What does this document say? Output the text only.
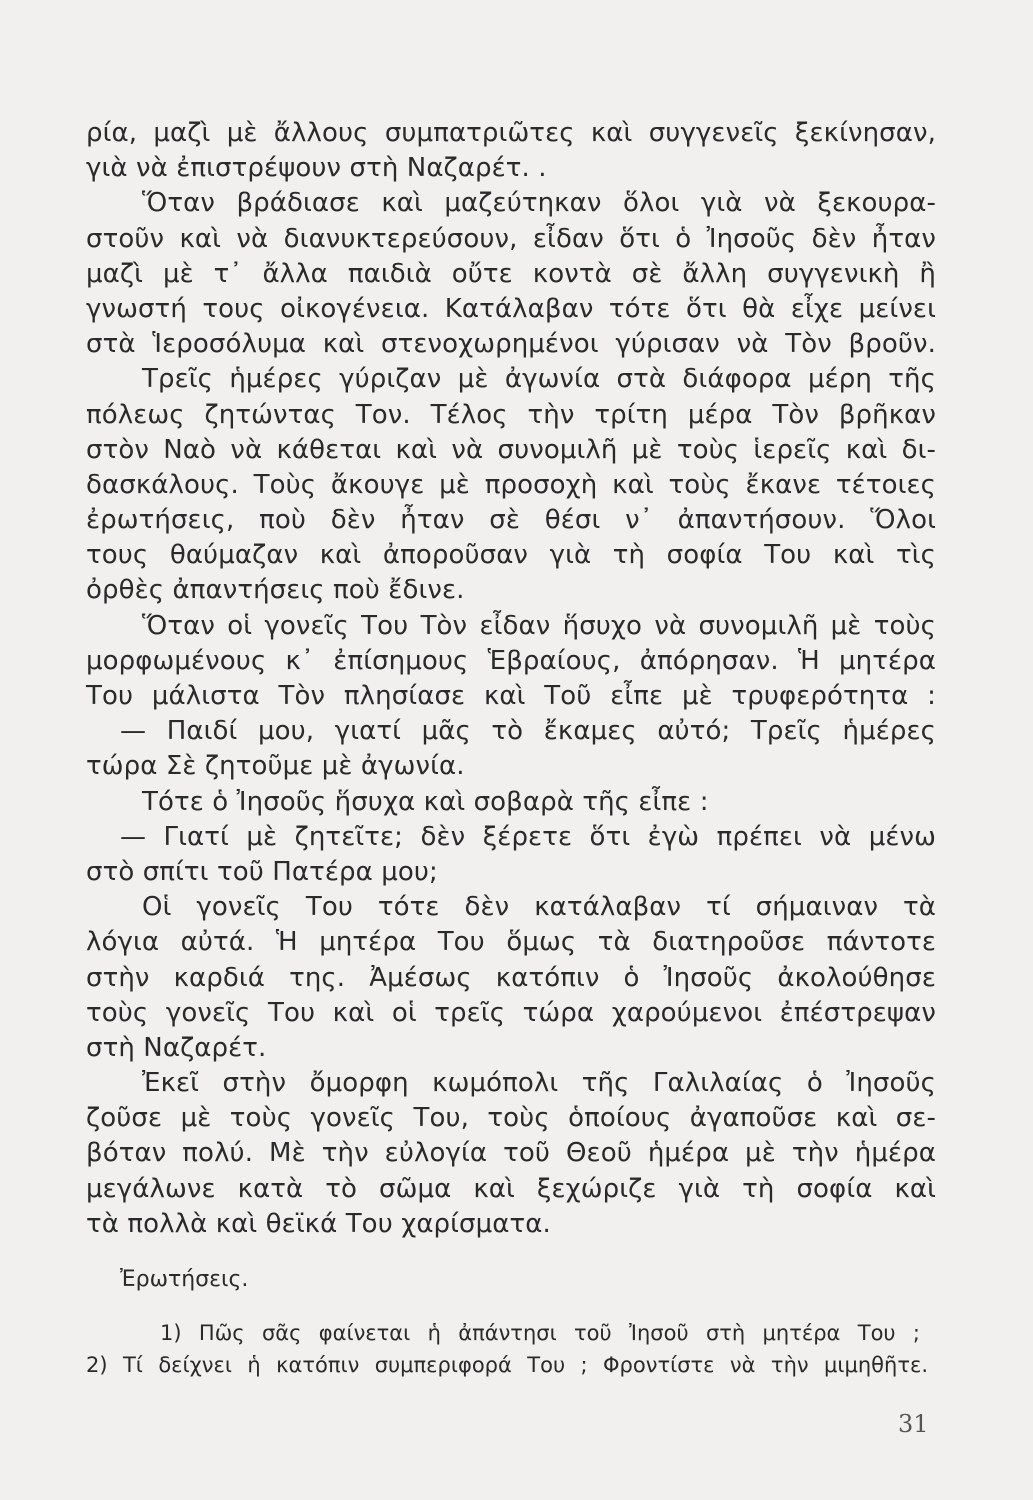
ρία, μαζὶ μὲ ἄλλους συμπατριῶτες καὶ συγγενεῖς ξεκίνησαν,
γιὰ νὰ ἐπιστρέψουν στὴ Ναζαρέτ. .
Ὅταν βράδιασε καὶ μαζεύτηκαν ὅλοι γιὰ νὰ ξεκουρα-
στοῦν καὶ νὰ διανυκτερεύσουν, εἶδαν ὅτι ὁ Ἰησοῦς δὲν ἦταν
μαζὶ μὲ τ᾽ ἄλλα παιδιὰ οὔτε κοντὰ σὲ ἄλλη συγγενικὴ ἢ
γνωστή τους οἰκογένεια. Κατάλαβαν τότε ὅτι θὰ εἶχε μείνει
στὰ Ἱεροσόλυμα καὶ στενοχωρημένοι γύρισαν νὰ Τὸν βροῦν.
Τρεῖς ἡμέρες γύριζαν μὲ ἀγωνία στὰ διάφορα μέρη τῆς
πόλεως ζητώντας Τον. Τέλος τὴν τρίτη μέρα Τὸν βρῆκαν
στὸν Ναὸ νὰ κάθεται καὶ νὰ συνομιλῆ μὲ τοὺς ἱερεῖς καὶ δι-
δασκάλους. Τοὺς ἄκουγε μὲ προσοχὴ καὶ τοὺς ἔκανε τέτοιες
ἐρωτήσεις, ποὺ δὲν ἦταν σὲ θέσι ν᾽ ἀπαντήσουν. Ὅλοι
τους θαύμαζαν καὶ ἀποροῦσαν γιὰ τὴ σοφία Του καὶ τὶς
ὀρθὲς ἀπαντήσεις ποὺ ἔδινε.
Ὅταν οἱ γονεῖς Του Τὸν εἶδαν ἥσυχο νὰ συνομιλῆ μὲ τοὺς
μορφωμένους κ᾽ ἐπίσημους Ἑβραίους, ἀπόρησαν. Ἡ μητέρα
Του μάλιστα Τὸν πλησίασε καὶ Τοῦ εἶπε μὲ τρυφερότητα :
— Παιδί μου, γιατί μᾶς τὸ ἔκαμες αὐτό; Τρεῖς ἡμέρες
τώρα Σὲ ζητοῦμε μὲ ἀγωνία.
Τότε ὁ Ἰησοῦς ἥσυχα καὶ σοβαρὰ τῆς εἶπε :
— Γιατί μὲ ζητεῖτε; δὲν ξέρετε ὅτι ἐγὼ πρέπει νὰ μένω
στὸ σπίτι τοῦ Πατέρα μου;
Οἱ γονεῖς Του τότε δὲν κατάλαβαν τί σήμαιναν τὰ
λόγια αὐτά. Ἡ μητέρα Του ὅμως τὰ διατηροῦσε πάντοτε
στὴν καρδιά της. Ἀμέσως κατόπιν ὁ Ἰησοῦς ἀκολούθησε
τοὺς γονεῖς Του καὶ οἱ τρεῖς τώρα χαρούμενοι ἐπέστρεψαν
στὴ Ναζαρέτ.
Ἐκεῖ στὴν ὄμορφη κωμόπολι τῆς Γαλιλαίας ὁ Ἰησοῦς
ζοῦσε μὲ τοὺς γονεῖς Του, τοὺς ὁποίους ἀγαποῦσε καὶ σε-
βόταν πολύ. Μὲ τὴν εὐλογία τοῦ Θεοῦ ἡμέρα μὲ τὴν ἡμέρα
μεγάλωνε κατὰ τὸ σῶμα καὶ ξεχώριζε γιὰ τὴ σοφία καὶ
τὰ πολλὰ καὶ θεϊκά Του χαρίσματα.
Ἐρωτήσεις.
1) Πῶς σᾶς φαίνεται ἡ ἀπάντησι τοῦ Ἰησοῦ στὴ μητέρα Του ;
2) Τί δείχνει ἡ κατόπιν συμπεριφορά Του ; Φροντίστε νὰ τὴν μιμηθῆτε.
31
